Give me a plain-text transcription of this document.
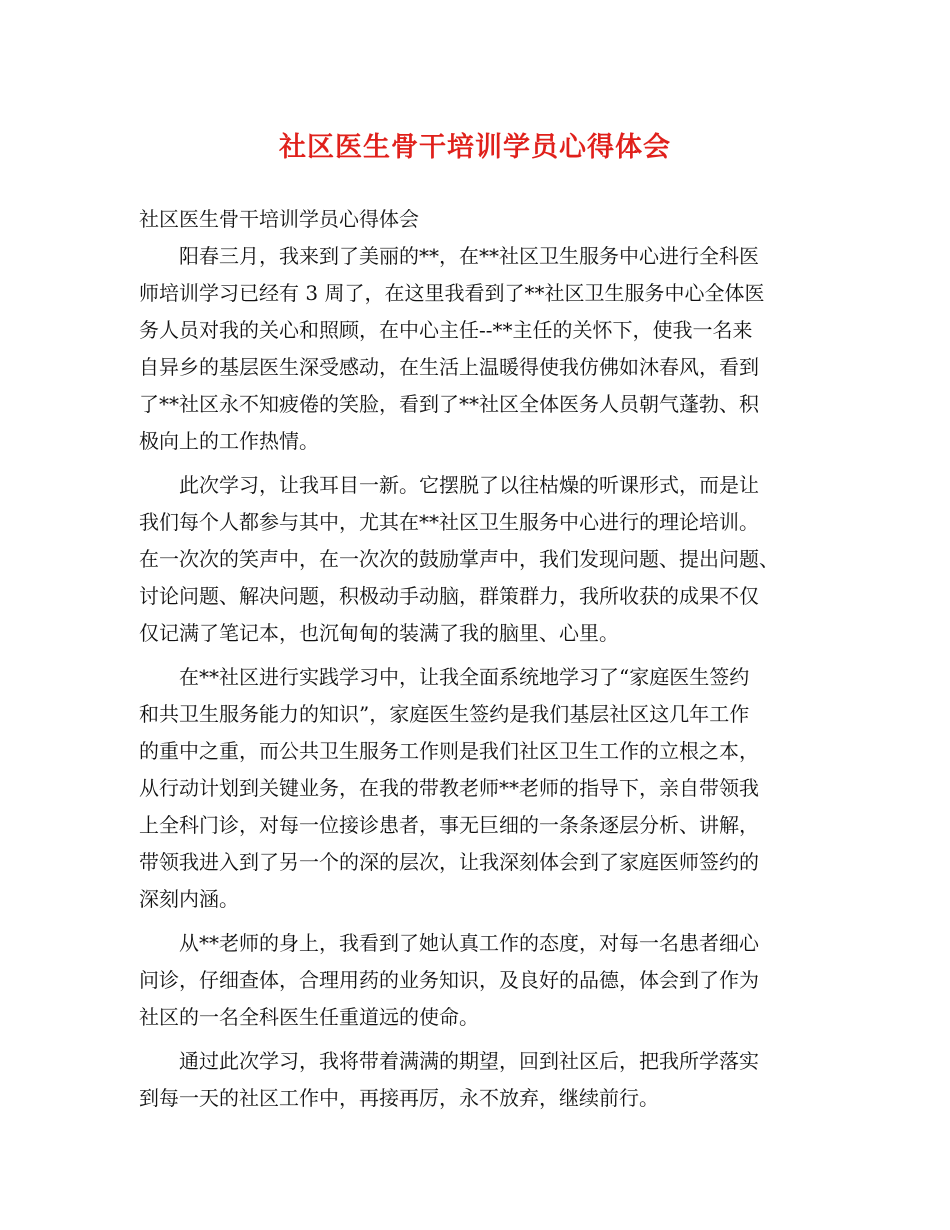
社区医生骨干培训学员心得体会
社区医生骨干培训学员心得体会
阳春三月，我来到了美丽的**，在**社区卫生服务中心进行全科医
师培训学习已经有 3 周了，在这里我看到了**社区卫生服务中心全体医
务人员对我的关心和照顾，在中心主任--**主任的关怀下，使我一名来
自异乡的基层医生深受感动，在生活上温暖得使我仿佛如沐春风，看到
了**社区永不知疲倦的笑脸，看到了**社区全体医务人员朝气蓬勃、积
极向上的工作热情。
此次学习，让我耳目一新。它摆脱了以往枯燥的听课形式，而是让
我们每个人都参与其中，尤其在**社区卫生服务中心进行的理论培训。
在一次次的笑声中，在一次次的鼓励掌声中，我们发现问题、提出问题、
讨论问题、解决问题，积极动手动脑，群策群力，我所收获的成果不仅
仅记满了笔记本，也沉甸甸的装满了我的脑里、心里。
在**社区进行实践学习中，让我全面系统地学习了“家庭医生签约
和共卫生服务能力的知识”，家庭医生签约是我们基层社区这几年工作
的重中之重，而公共卫生服务工作则是我们社区卫生工作的立根之本，
从行动计划到关键业务，在我的带教老师**老师的指导下，亲自带领我
上全科门诊，对每一位接诊患者，事无巨细的一条条逐层分析、讲解，
带领我进入到了另一个的深的层次，让我深刻体会到了家庭医师签约的
深刻内涵。
从**老师的身上，我看到了她认真工作的态度，对每一名患者细心
问诊，仔细查体，合理用药的业务知识，及良好的品德，体会到了作为
社区的一名全科医生任重道远的使命。
通过此次学习，我将带着满满的期望，回到社区后，把我所学落实
到每一天的社区工作中，再接再厉，永不放弃，继续前行。
